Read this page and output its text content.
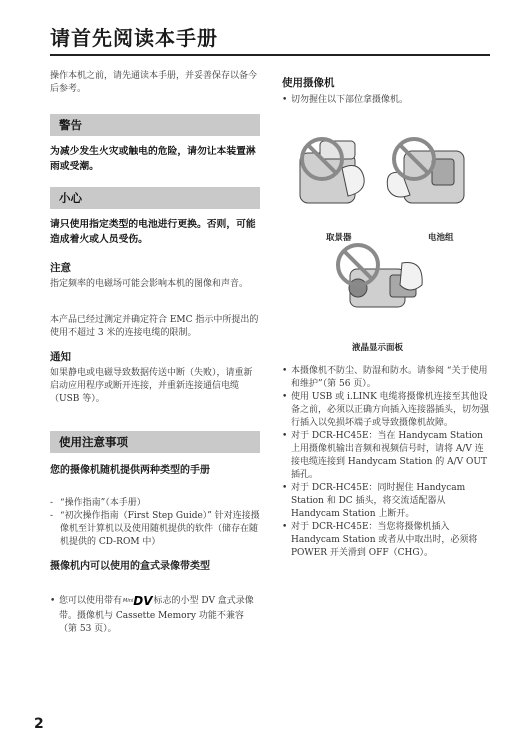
请首先阅读本手册

操作本机之前，请先通读本手册，并妥善保存以备今后参考。

警告

为减少发生火灾或触电的危险，请勿让本装置淋雨或受潮。

小心

请只使用指定类型的电池进行更换。否则，可能造成着火或人员受伤。

注意

指定频率的电磁场可能会影响本机的图像和声音。

本产品已经过测定并确定符合 EMC 指示中所提出的使用不超过 3 米的连接电缆的限制。

通知

如果静电或电磁导致数据传送中断（失败），请重新启动应用程序或断开连接，并重新连接通信电缆（USB 等）。

使用注意事项

您的摄像机随机提供两种类型的手册

- “操作指南”（本手册）
- “初次操作指南（First Step Guide）” 针对连接摄像机至计算机以及使用随机提供的软件（储存在随机提供的 CD-ROM 中）

摄像机内可以使用的盒式录像带类型

• 您可以使用带有$^{Mini}$DV标志的小型 DV 盒式录像带。摄像机与 Cassette Memory 功能不兼容（第 53 页）。

使用摄像机

• 切勿握住以下部位拿摄像机。
取景器	电池组
液晶显示面板
• 本摄像机不防尘、防湿和防水。请参阅 “关于使用和维护”（第 56 页）。
• 使用 USB 或 i.LINK 电缆将摄像机连接至其他设备之前，必须以正确方向插入连接器插头，切勿强行插入以免损坏端子或导致摄像机故障。
• 对于 DCR-HC45E：当在 Handycam Station 上用摄像机输出音频和视频信号时，请将 A/V 连接电缆连接到 Handycam Station 的 A/V OUT 插孔。
• 对于 DCR-HC45E：同时握住 Handycam Station 和 DC 插头，将交流适配器从 Handycam Station 上断开。
• 对于 DCR-HC45E：当您将摄像机插入 Handycam Station 或者从中取出时，必须将 POWER 开关滑到 OFF（CHG）。
2
